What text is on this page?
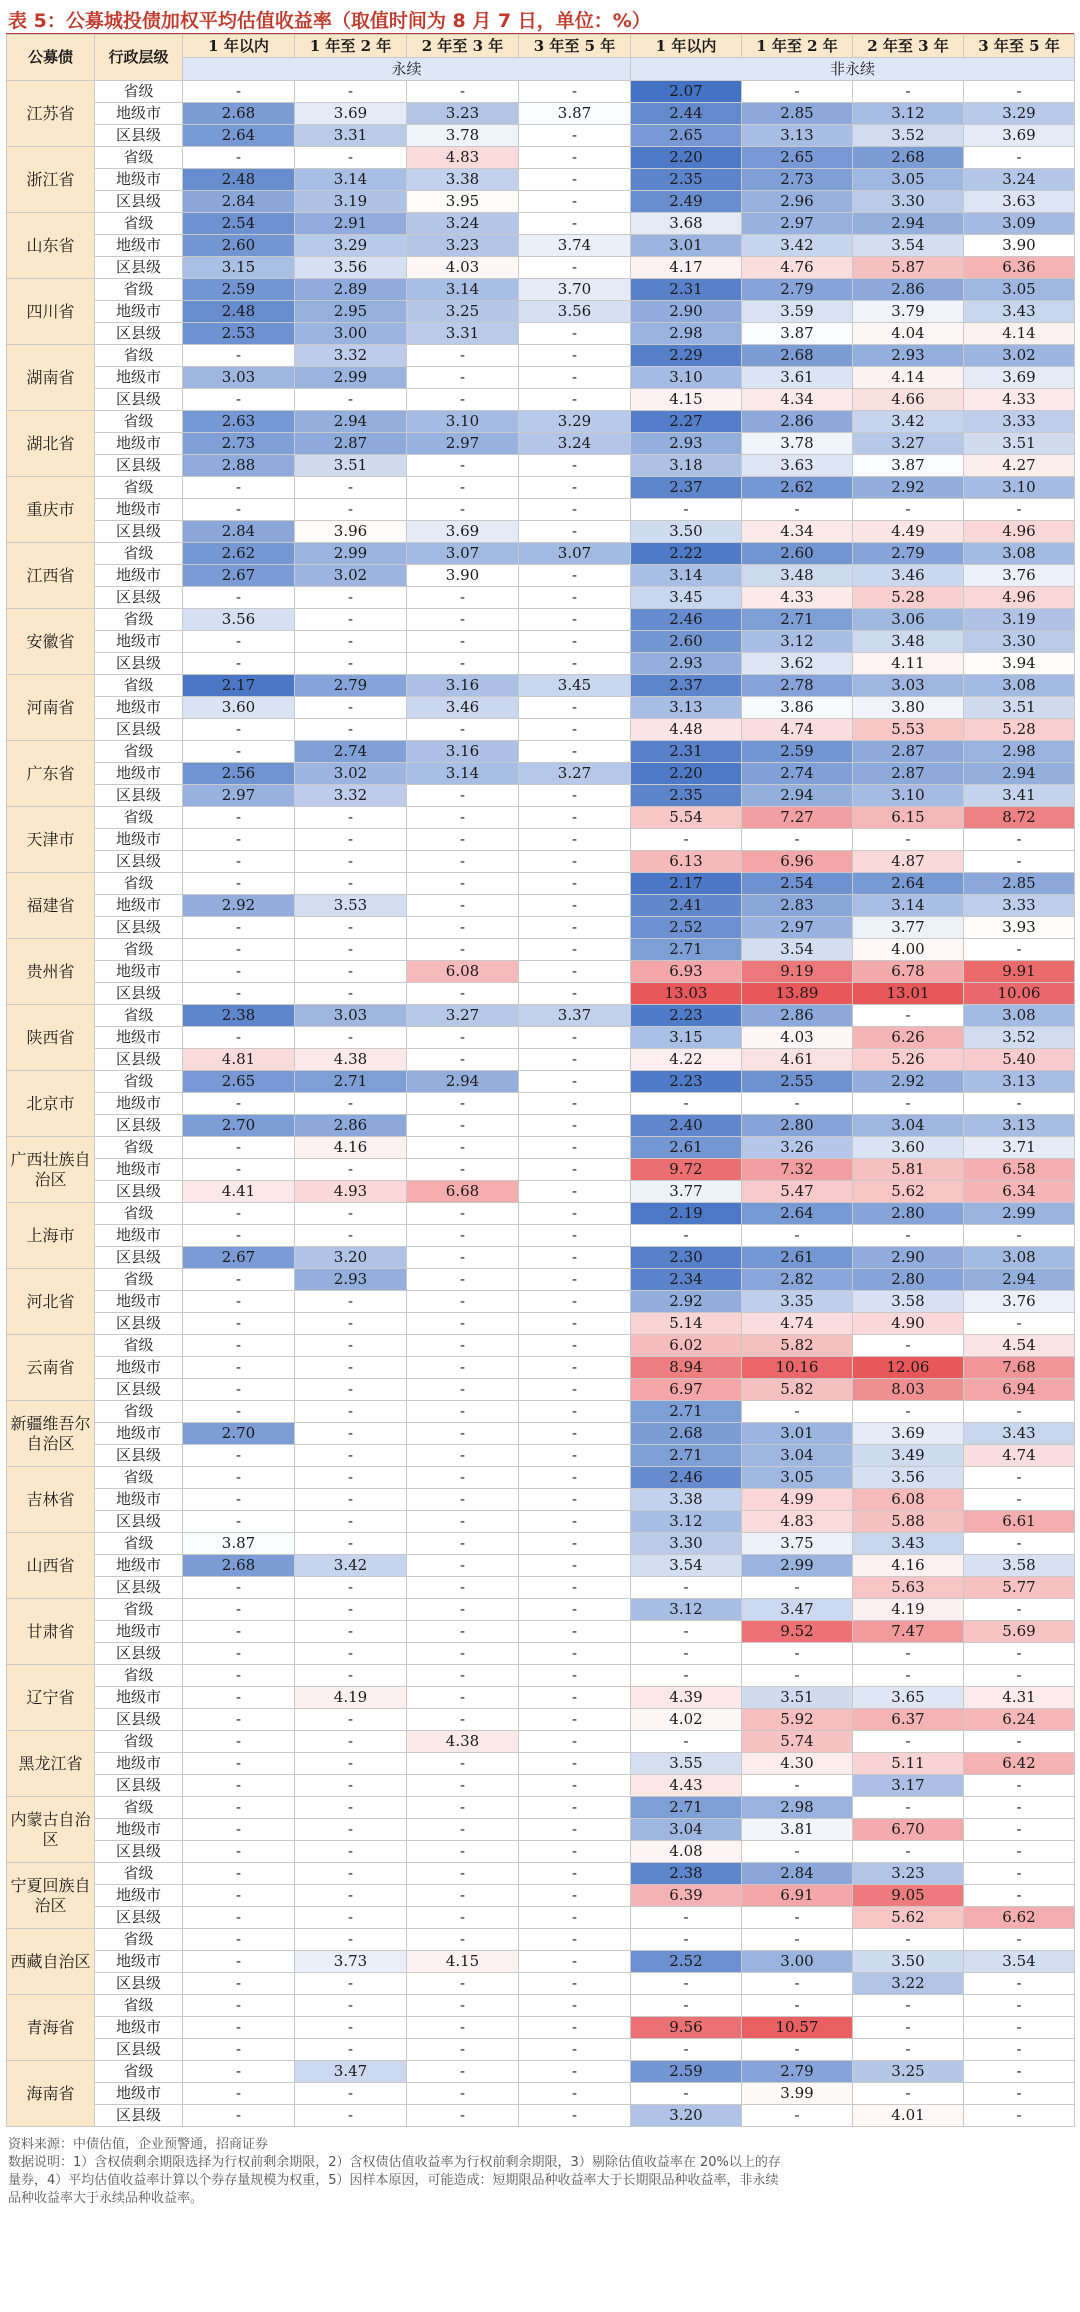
表 5：公募城投债加权平均估值收益率（取值时间为 8 月 7 日，单位：%）
公募债	行政层级	1 年以内	1 年至 2 年	2 年至 3 年	3 年至 5 年	1 年以内	1 年至 2 年	2 年至 3 年	3 年至 5 年
		永续				非永续			
江苏省	省级	-	-	-	-	2.07	-	-	-
	地级市	2.68	3.69	3.23	3.87	2.44	2.85	3.12	3.29
	区县级	2.64	3.31	3.78	-	2.65	3.13	3.52	3.69
浙江省	省级	-	-	4.83	-	2.20	2.65	2.68	-
	地级市	2.48	3.14	3.38	-	2.35	2.73	3.05	3.24
	区县级	2.84	3.19	3.95	-	2.49	2.96	3.30	3.63
山东省	省级	2.54	2.91	3.24	-	3.68	2.97	2.94	3.09
	地级市	2.60	3.29	3.23	3.74	3.01	3.42	3.54	3.90
	区县级	3.15	3.56	4.03	-	4.17	4.76	5.87	6.36
四川省	省级	2.59	2.89	3.14	3.70	2.31	2.79	2.86	3.05
	地级市	2.48	2.95	3.25	3.56	2.90	3.59	3.79	3.43
	区县级	2.53	3.00	3.31	-	2.98	3.87	4.04	4.14
湖南省	省级	-	3.32	-	-	2.29	2.68	2.93	3.02
	地级市	3.03	2.99	-	-	3.10	3.61	4.14	3.69
	区县级	-	-	-	-	4.15	4.34	4.66	4.33
湖北省	省级	2.63	2.94	3.10	3.29	2.27	2.86	3.42	3.33
	地级市	2.73	2.87	2.97	3.24	2.93	3.78	3.27	3.51
	区县级	2.88	3.51	-	-	3.18	3.63	3.87	4.27
重庆市	省级	-	-	-	-	2.37	2.62	2.92	3.10
	地级市	-	-	-	-	-	-	-	-
	区县级	2.84	3.96	3.69	-	3.50	4.34	4.49	4.96
江西省	省级	2.62	2.99	3.07	3.07	2.22	2.60	2.79	3.08
	地级市	2.67	3.02	3.90	-	3.14	3.48	3.46	3.76
	区县级	-	-	-	-	3.45	4.33	5.28	4.96
安徽省	省级	3.56	-	-	-	2.46	2.71	3.06	3.19
	地级市	-	-	-	-	2.60	3.12	3.48	3.30
	区县级	-	-	-	-	2.93	3.62	4.11	3.94
河南省	省级	2.17	2.79	3.16	3.45	2.37	2.78	3.03	3.08
	地级市	3.60	-	3.46	-	3.13	3.86	3.80	3.51
	区县级	-	-	-	-	4.48	4.74	5.53	5.28
广东省	省级	-	2.74	3.16	-	2.31	2.59	2.87	2.98
	地级市	2.56	3.02	3.14	3.27	2.20	2.74	2.87	2.94
	区县级	2.97	3.32	-	-	2.35	2.94	3.10	3.41
天津市	省级	-	-	-	-	5.54	7.27	6.15	8.72
	地级市	-	-	-	-	-	-	-	-
	区县级	-	-	-	-	6.13	6.96	4.87	-
福建省	省级	-	-	-	-	2.17	2.54	2.64	2.85
	地级市	2.92	3.53	-	-	2.41	2.83	3.14	3.33
	区县级	-	-	-	-	2.52	2.97	3.77	3.93
贵州省	省级	-	-	-	-	2.71	3.54	4.00	-
	地级市	-	-	6.08	-	6.93	9.19	6.78	9.91
	区县级	-	-	-	-	13.03	13.89	13.01	10.06
陕西省	省级	2.38	3.03	3.27	3.37	2.23	2.86	-	3.08
	地级市	-	-	-	-	3.15	4.03	6.26	3.52
	区县级	4.81	4.38	-	-	4.22	4.61	5.26	5.40
北京市	省级	2.65	2.71	2.94	-	2.23	2.55	2.92	3.13
	地级市	-	-	-	-	-	-	-	-
	区县级	2.70	2.86	-	-	2.40	2.80	3.04	3.13
广西壮族自治区	省级	-	4.16	-	-	2.61	3.26	3.60	3.71
	地级市	-	-	-	-	9.72	7.32	5.81	6.58
	区县级	4.41	4.93	6.68	-	3.77	5.47	5.62	6.34
上海市	省级	-	-	-	-	2.19	2.64	2.80	2.99
	地级市	-	-	-	-	-	-	-	-
	区县级	2.67	3.20	-	-	2.30	2.61	2.90	3.08
河北省	省级	-	2.93	-	-	2.34	2.82	2.80	2.94
	地级市	-	-	-	-	2.92	3.35	3.58	3.76
	区县级	-	-	-	-	5.14	4.74	4.90	-
云南省	省级	-	-	-	-	6.02	5.82	-	4.54
	地级市	-	-	-	-	8.94	10.16	12.06	7.68
	区县级	-	-	-	-	6.97	5.82	8.03	6.94
新疆维吾尔自治区	省级	-	-	-	-	2.71	-	-	-
	地级市	2.70	-	-	-	2.68	3.01	3.69	3.43
	区县级	-	-	-	-	2.71	3.04	3.49	4.74
吉林省	省级	-	-	-	-	2.46	3.05	3.56	-
	地级市	-	-	-	-	3.38	4.99	6.08	-
	区县级	-	-	-	-	3.12	4.83	5.88	6.61
山西省	省级	3.87	-	-	-	3.30	3.75	3.43	-
	地级市	2.68	3.42	-	-	3.54	2.99	4.16	3.58
	区县级	-	-	-	-	-	-	5.63	5.77
甘肃省	省级	-	-	-	-	3.12	3.47	4.19	-
	地级市	-	-	-	-	-	9.52	7.47	5.69
	区县级	-	-	-	-	-	-	-	-
辽宁省	省级	-	-	-	-	-	-	-	-
	地级市	-	4.19	-	-	4.39	3.51	3.65	4.31
	区县级	-	-	-	-	4.02	5.92	6.37	6.24
黑龙江省	省级	-	-	4.38	-	-	5.74	-	-
	地级市	-	-	-	-	3.55	4.30	5.11	6.42
	区县级	-	-	-	-	4.43	-	3.17	-
内蒙古自治区	省级	-	-	-	-	2.71	2.98	-	-
	地级市	-	-	-	-	3.04	3.81	6.70	-
	区县级	-	-	-	-	4.08	-	-	-
宁夏回族自治区	省级	-	-	-	-	2.38	2.84	3.23	-
	地级市	-	-	-	-	6.39	6.91	9.05	-
	区县级	-	-	-	-	-	-	5.62	6.62
西藏自治区	省级	-	-	-	-	-	-	-	-
	地级市	-	3.73	4.15	-	2.52	3.00	3.50	3.54
	区县级	-	-	-	-	-	-	3.22	-
青海省	省级	-	-	-	-	-	-	-	-
	地级市	-	-	-	-	9.56	10.57	-	-
	区县级	-	-	-	-	-	-	-	-
海南省	省级	-	3.47	-	-	2.59	2.79	3.25	-
	地级市	-	-	-	-	-	3.99	-	-
	区县级	-	-	-	-	3.20	-	4.01	-
资料来源：中债估值，企业预警通，招商证券
数据说明：1）含权债剩余期限选择为行权前剩余期限，2）含权债估值收益率为行权前剩余期限，3）剔除估值收益率在 20%以上的存
量券，4）平均估值收益率计算以个券存量规模为权重，5）因样本原因，可能造成：短期限品种收益率大于长期限品种收益率，非永续
品种收益率大于永续品种收益率。
